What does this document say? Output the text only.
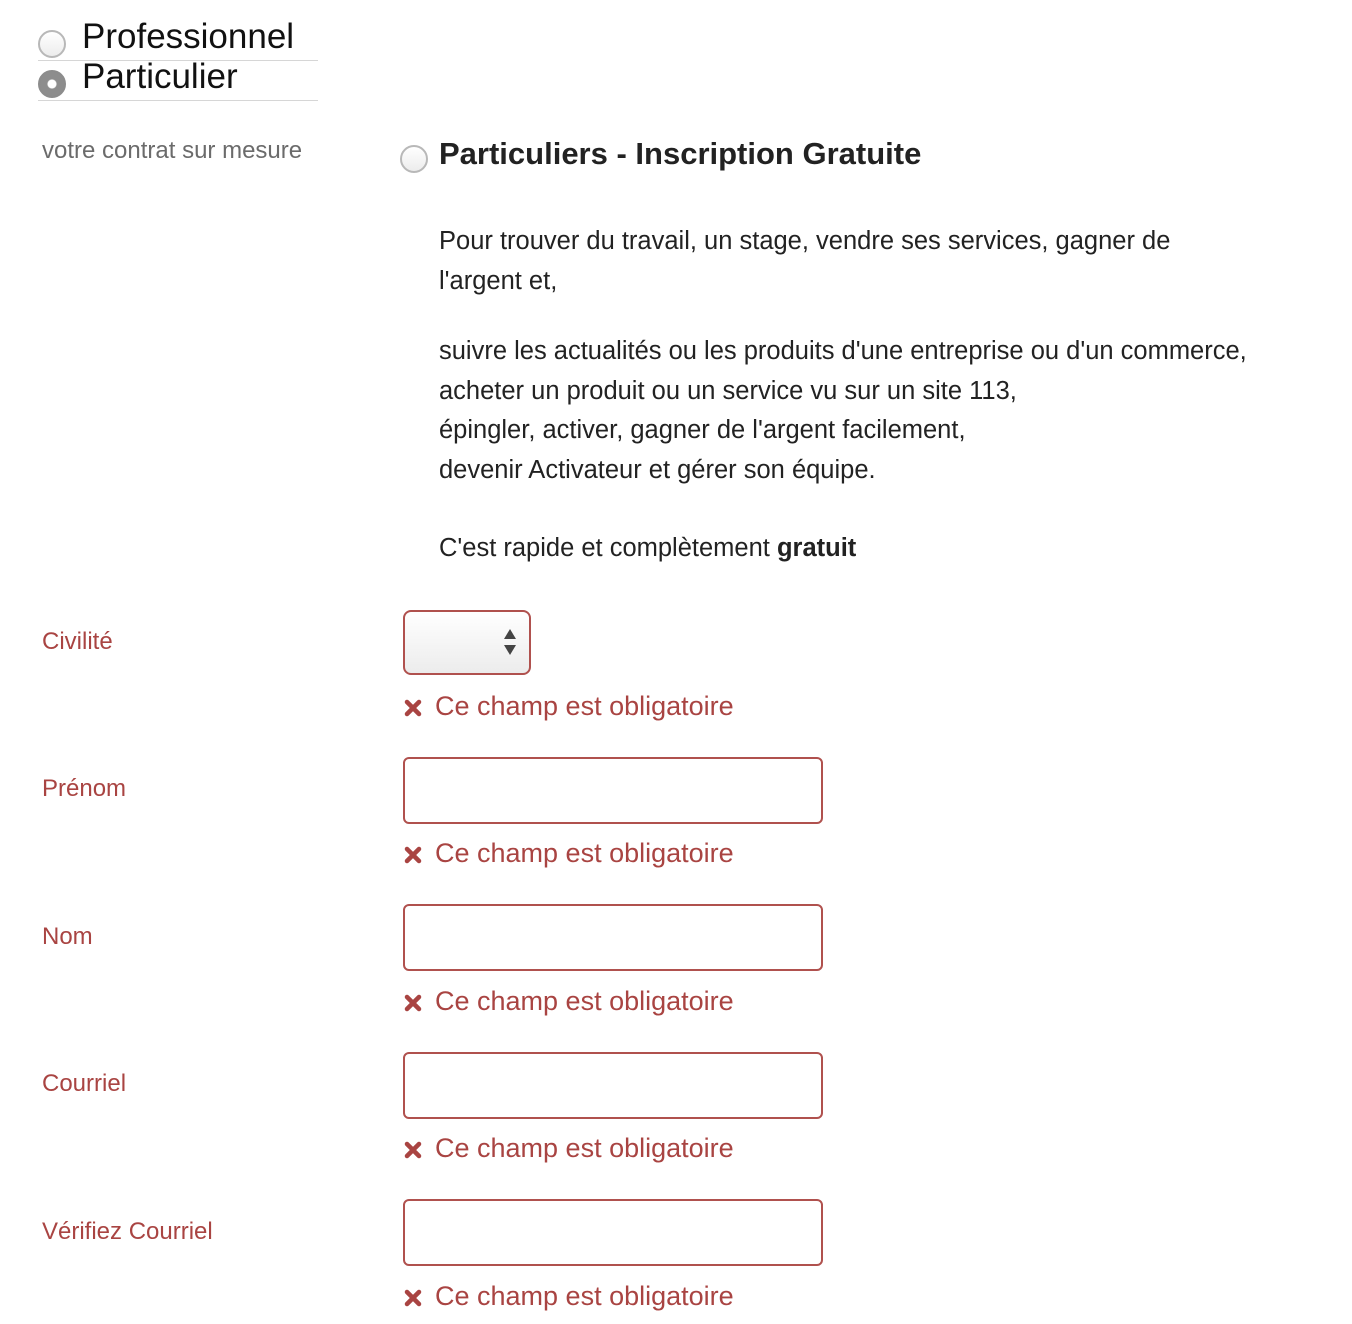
Professionnel
Particulier
votre contrat sur mesure	Particuliers - Inscription Gratuite

Pour trouver du travail, un stage, vendre ses services, gagner de

l'argent et,

suivre les actualités ou les produits d'une entreprise ou d'un commerce,

acheter un produit ou un service vu sur un site 113,

épingler, activer, gagner de l'argent facilement,

devenir Activateur et gérer son équipe.

C'est rapide et complètement gratuit

Civilité
Ce champ est obligatoire
Prénom
Ce champ est obligatoire
Nom
Ce champ est obligatoire
Courriel
Ce champ est obligatoire
Vérifiez Courriel
Ce champ est obligatoire
